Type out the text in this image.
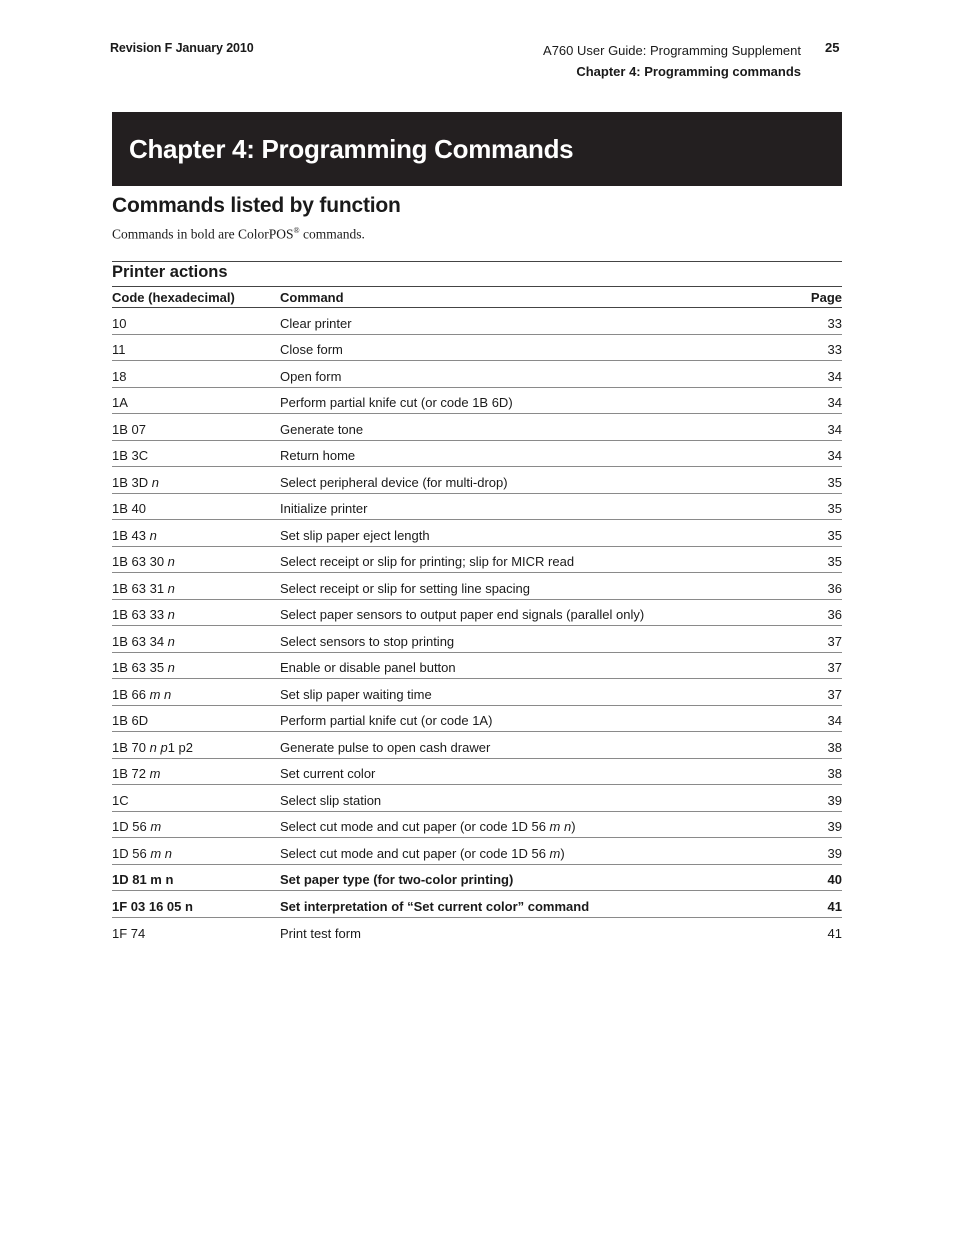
Revision F January 2010	A760 User Guide: Programming Supplement
Chapter 4: Programming commands
25
Chapter 4: Programming Commands
Commands listed by function
Commands in bold are ColorPOS® commands.
Printer actions
Code (hexadecimal)	Command	Page
10	Clear printer	33
11	Close form	33
18	Open form	34
1A	Perform partial knife cut (or code 1B 6D)	34
1B 07	Generate tone	34
1B 3C	Return home	34
1B 3D n	Select peripheral device (for multi-drop)	35
1B 40	Initialize printer	35
1B 43 n	Set slip paper eject length	35
1B 63 30 n	Select receipt or slip for printing; slip for MICR read	35
1B 63 31 n	Select receipt or slip for setting line spacing	36
1B 63 33 n	Select paper sensors to output paper end signals (parallel only)	36
1B 63 34 n	Select sensors to stop printing	37
1B 63 35 n	Enable or disable panel button	37
1B 66 m n	Set slip paper waiting time	37
1B 6D	Perform partial knife cut (or code 1A)	34
1B 70 n p1 p2	Generate pulse to open cash drawer	38
1B 72 m	Set current color	38
1C	Select slip station	39
1D 56 m	Select cut mode and cut paper (or code 1D 56 m n)	39
1D 56 m n	Select cut mode and cut paper (or code 1D 56 m)	39
1D 81 m n	Set paper type (for two-color printing)	40
1F 03 16 05 n	Set interpretation of “Set current color” command	41
1F 74	Print test form	41
